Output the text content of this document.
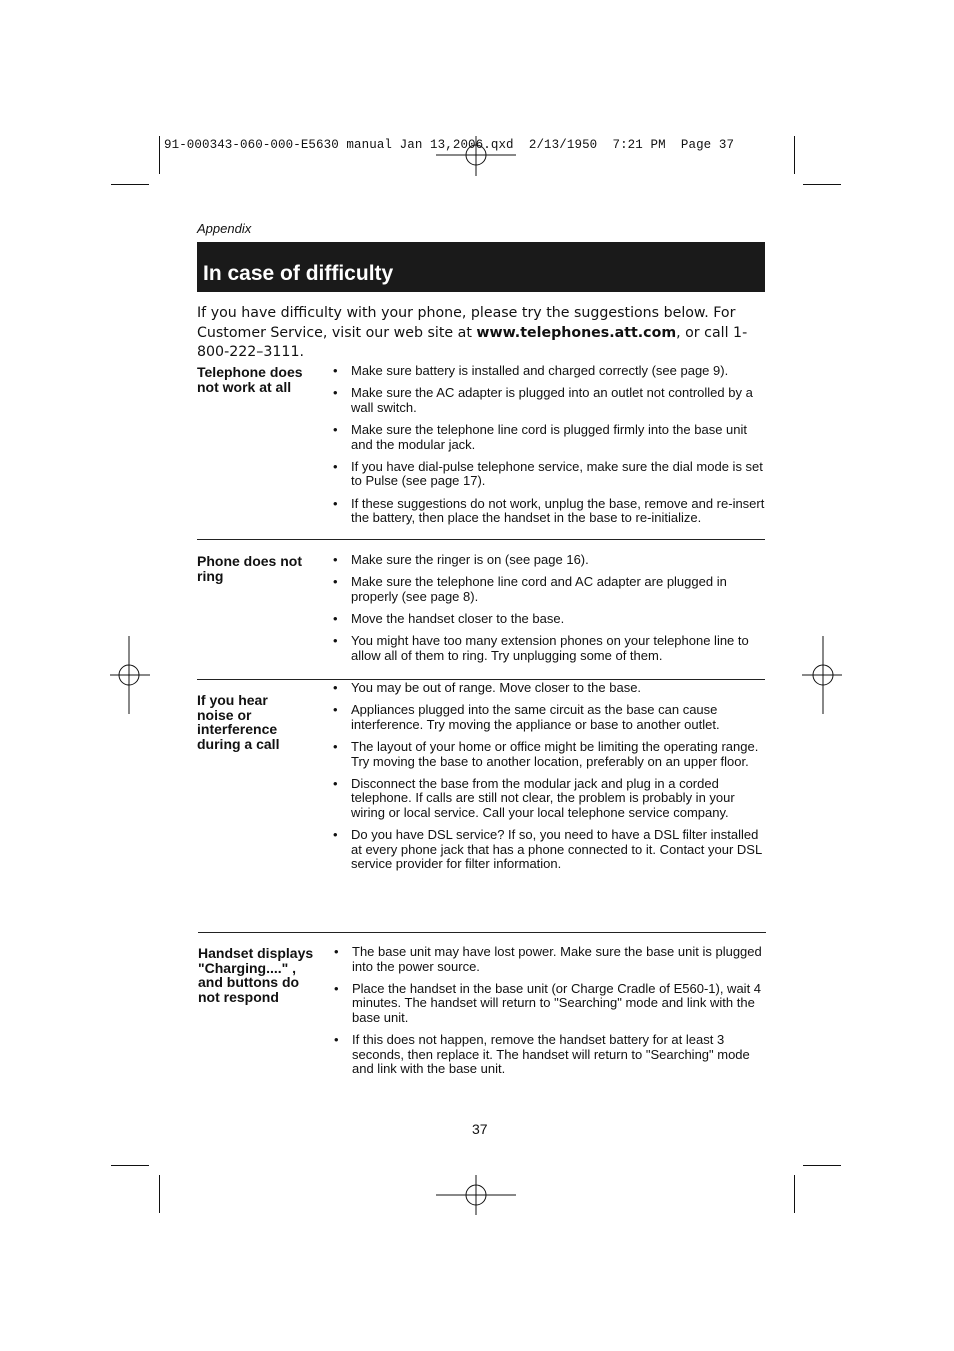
91-000343-060-000-E5630 manual Jan 13,2006.qxd  2/13/1950  7:21 PM  Page 37
Appendix
In case of difficulty
If you have difficulty with your phone, please try the suggestions below. For Customer Service, visit our web site at www.telephones.att.com, or call 1-800-222–3111.
Telephone does not work at all
• Make sure battery is installed and charged correctly (see page 9).
• Make sure the AC adapter is plugged into an outlet not controlled by a wall switch.
• Make sure the telephone line cord is plugged firmly into the base unit and the modular jack.
• If you have dial-pulse telephone service, make sure the dial mode is set to Pulse (see page 17).
• If these suggestions do not work, unplug the base, remove and re-insert the battery, then place the handset in the base to re-initialize.
Phone does not ring
• Make sure the ringer is on (see page 16).
• Make sure the telephone line cord and AC adapter are plugged in properly (see page 8).
• Move the handset closer to the base.
• You might have too many extension phones on your telephone line to allow all of them to ring. Try unplugging some of them.
If you hear noise or interference during a call
• You may be out of range. Move closer to the base.
• Appliances plugged into the same circuit as the base can cause interference. Try moving the appliance or base to another outlet.
• The layout of your home or office might be limiting the operating range. Try moving the base to another location, preferably on an upper floor.
• Disconnect the base from the modular jack and plug in a corded telephone. If calls are still not clear, the problem is probably in your wiring or local service. Call your local telephone service company.
• Do you have DSL service? If so, you need to have a DSL filter installed at every phone jack that has a phone connected to it. Contact your DSL service provider for filter information.
Handset displays "Charging...." , and buttons do not respond
• The base unit may have lost power. Make sure the base unit is plugged into the power source.
• Place the handset in the base unit (or Charge Cradle of E560-1), wait 4 minutes. The handset will return to "Searching" mode and link with the base unit.
• If this does not happen, remove the handset battery for at least 3 seconds, then replace it. The handset will return to "Searching" mode and link with the base unit.
37
